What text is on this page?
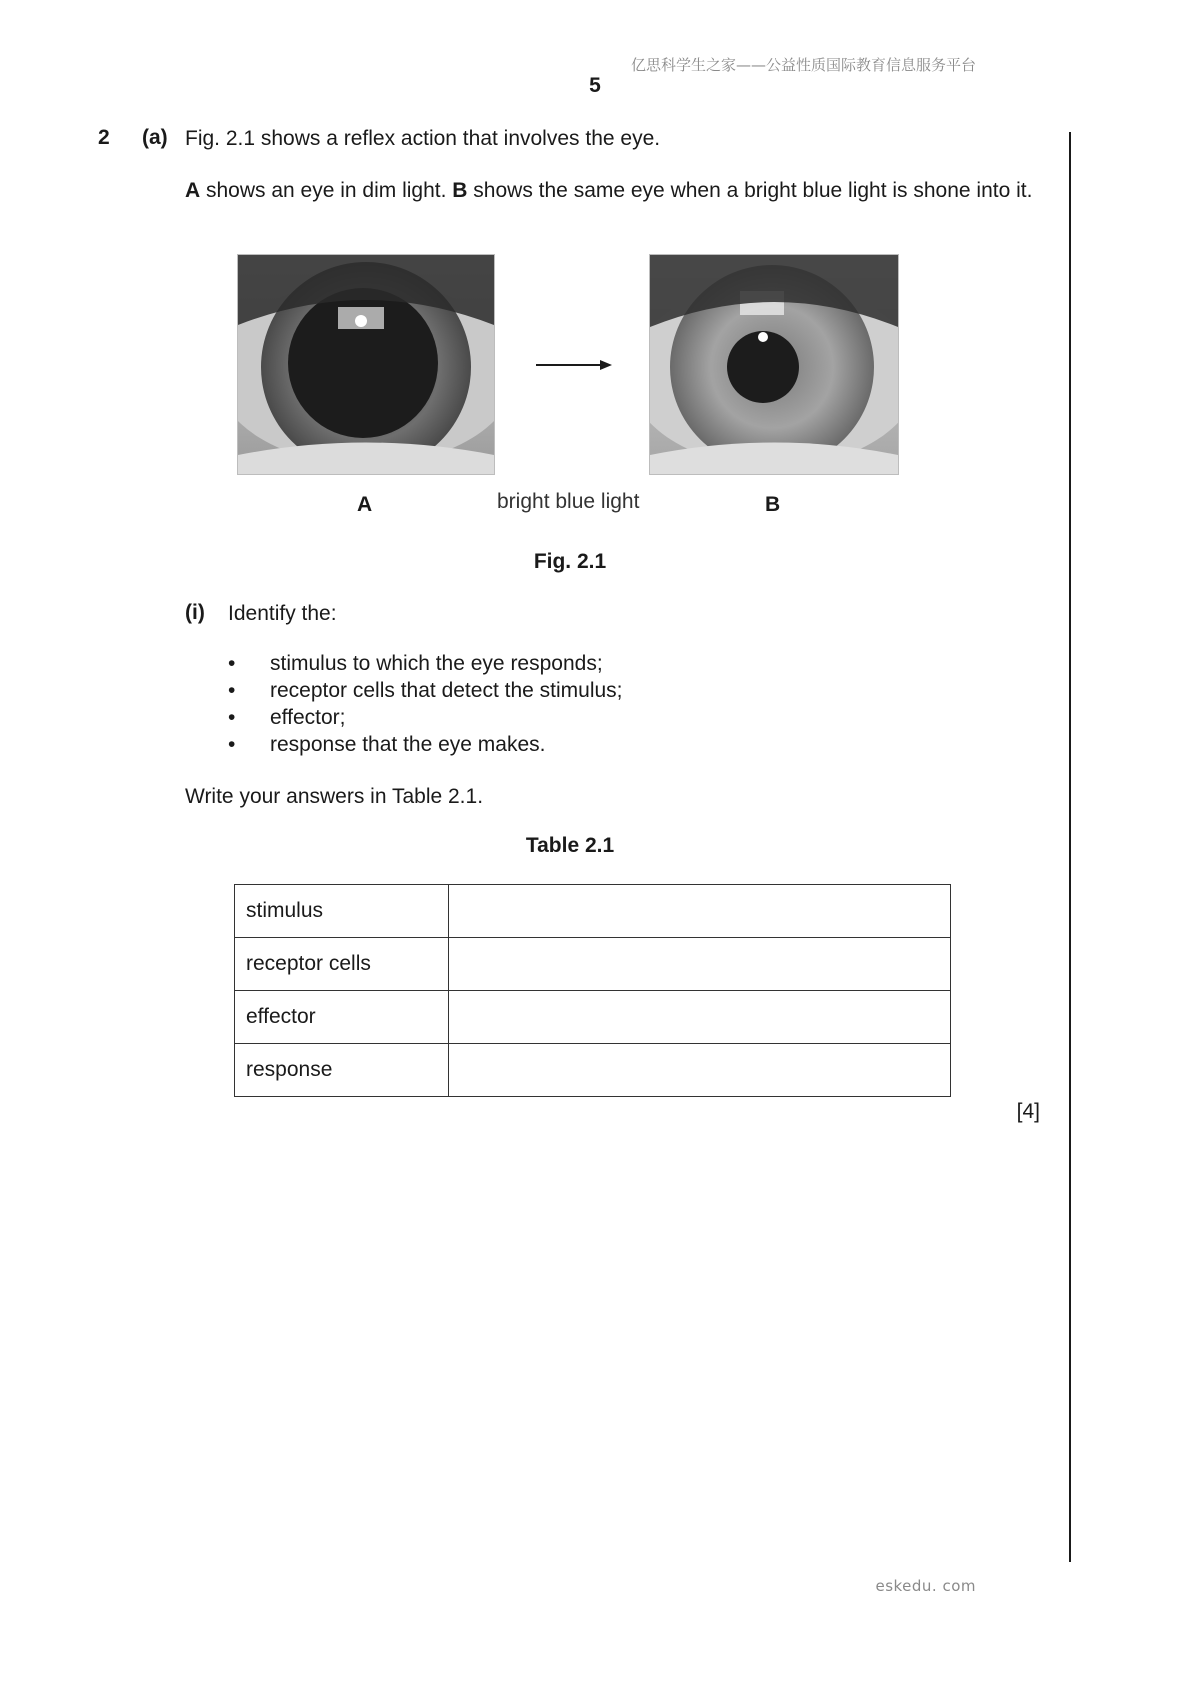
亿思科学生之家——公益性质国际教育信息服务平台
5
2 (a) Fig. 2.1 shows a reflex action that involves the eye.
A shows an eye in dim light. B shows the same eye when a bright blue light is shone into it.
A	bright blue light	B
Fig. 2.1
(i) Identify the:
• stimulus to which the eye responds;
• receptor cells that detect the stimulus;
• effector;
• response that the eye makes.
Write your answers in Table 2.1.
Table 2.1
stimulus	
receptor cells	
effector	
response	
[4]
eskedu. com
